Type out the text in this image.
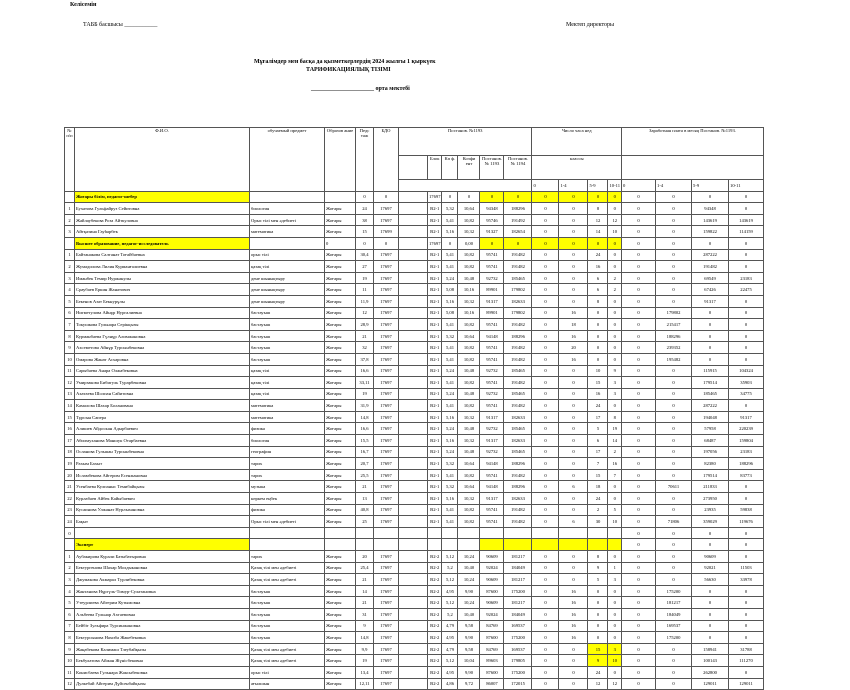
Келісемін
ТАББ басшысы ___________	Мектеп директоры
Мұғалімдер мен басқа да қызметкерлердің 2024 жылғы 1 қыркүек
ТАРИФИКАЦИЯЛЫҚ ТІЗІМІ
_____________________ орта мектебі
№ п\п	Ф.И.О.	обучаемый предмет	Образов ание	Педс таж	БДО	Постанов. №1193						Число часа нед				Заработная плата в месяц Постанов. №1193.			
							Блок	Кп ф.	Коэфи ент	Постанов. № 1193	Постанов. № 1194	классы							
												0	1-4	5-9	10-11	0	1-4	5-9	10-11
	Жоғары білім, педагог-шебер			0	0		17697	0	0	0	0	0	0	0	0	0	0	0	0
1	Бухатова Гульфайруз Сейитовна	биология	Жоғары	24	17697		В2-1	5,32	10,64	94348	188296	0	0	8	0	0	0	94348	0
2	Жайлаубекова Роза Айткуловна	Орыс тілі мен әдебиеті	Жоғары	38	17697		В2-1	5,41	10,82	95746	191492	0	0	12	12	0	0	143619	143619
3	Айтқазина Гауһарбек	математика	Жоғары	15	17699		В2-1	5,16	10,32	91327	182654	0	0	14	10	0	0	159822	114159
	Высшее образование, педагог-исследователь		0	0	0		17697	0	0,00	0	0	0	0	0	0	0	0	0	0
1	Байтанакова Салтанат Тоғайбаевна	орыс тілі	Жоғары	30,4	17697		В2-1	5,41	10,82	95741	191482	0	0	24	0	0	0	287222	0
2	Жумадилова Лилия Курманғалиевна	қазақ тілі	Жоғары	27	17697		В2-1	5,41	10,82	95741	191482	0	0	16	0	0	0	191482	0
3	Иманбек Темир Нуржанулы	дене шынықтыру	Жоғары	19	17697		В2-1	5,24	10,48	92732	185465	0	0	6	2	0	0	69549	23183
4	Сраубаев Еркин Жанатович	дене шынықтыру	Жоғары	11	17697		В2-1	5,08	10,16	89901	179802	0	0	6	2	0	0	67426	22475
5	Бекенов Азат Бекнурұлы	дене шынықтыру	Жоғары	11,9	17697		В2-1	5,16	10,32	91317	182633	0	0	8	0	0	0	91317	0
6	Нигметулова Айнұр Нургалиевна	бастауыш	Жоғары	12	17697		В2-1	5,08	10,16	89901	179802	0	16	0	0	0	179802	0	0
7	Токушкова Гульнара Серікқызы	бастауыш	Жоғары	28,9	17697		В2-1	5,41	10,82	95741	191482	0	18	0	0	0	215417	0	0
8	Курманбаева Гүлнұр Алимжановна	бастауыш	Жоғары	21	17697		В2-1	5,32	10,64	94148	188296	0	16	0	0	0	188296	0	0
9	Ахсеметова Айнұр Турсынбековна	бастауыш	Жоғары	32	17697		В2-1	5,41	10,82	95741	191482	0	20	0	0	0	239352	0	0
10	Омарова Жанат Асхаровна	бастауыш	Жоғары	37,8	17697		В2-1	5,41	10,82	95741	191482	0	16	0	0	0	195482	0	0
11	Сарыбаева Анара Олжабековна	қазақ тілі	Жоғары	16,6	17697		В2-1	5,24	10,48	92732	185465	0	0	10	9	0	0	115915	104324
12	Умирзакова Бибигуль Турарбековна	қазақ тілі	Жоғары	33,11	17697		В2-1	5,41	10,82	95741	191482	0	0	15	3	0	0	179514	35903
13	Ахатаева Шолпан Сайитовна	қазақ тілі	Жоғары	19	17697		В2-1	5,24	10,48	92732	185465	0	0	16	3	0	0	185465	34775
14	Камалова Шахар Боланована	математика	Жоғары	31,9	17697		В2-1	5,41	10,82	95741	191482	0	0	24	0	0	0	287222	0
15	Тұрсын Сапера	математика	Жоғары	14,8	17697		В2-1	5,16	10,32	91317	182633	0	0	17	8	0	0	194048	91317
16	Алишев Айдоскан Адырбаевич	физика	Жоғары	16,6	17697		В2-1	5,24	10,48	92732	185465	0	0	5	19	0	0	57958	220239
17	Абилмуханова Маншук Отарбаевна	биология	Жоғары	15,5	17697		В2-1	5,16	10,32	91317	182633	0	0	6	14	0	0	68487	159804
18	Осланова Гульшан Турсынбековна	география	Жоғары	16,7	17697		В2-1	5,24	10,48	92732	185465	0	0	17	2	0	0	197056	23183
19	Рахым Бахыт	тарих	Жоғары	20,7	17697		В2-1	5,32	10,64	94148	188296	0	0	7	16	0	0	82380	188296
20	Исламбекова Айгерим Есенжановна	тарих	Жоғары	25,5	17697		В2-1	5,41	10,82	95741	191482	0	0	15	7	0	0	179514	83773
21	Усенбаева Кулпаныс Темибайқызы	музыка	Жоғары	21	17697		В2-1	5,32	10,64	94148	188296	0	6	18	0	0	70611	211833	0
22	Курлабаев Айбек Кайыбаевич	көркем еңбек	Жоғары	13	17697		В2-1	5,16	10,32	91317	182633	0	0	24	0	0	0	273950	0
23	Кусаинова Улжанат Нурлыхановна	физика	Жоғары	40,8	17697		В2-1	5,41	10,82	95741	191482	0	0	2	5	0	0	23935	59838
24	Бақыт	Орыс тілі мен әдебиеті	Жоғары	25	17697		В2-1	5,41	10,82	95741	191482	0	6	30	10	0	71806	359029	119676
0																0	0	0	0
	Эксперт															0	0	0	0
1	Аубакирова Курали Батыбатыровна	тарих	Жоғары	20	17697		В2-2	5,12	10,24	90609	181217	0	0	8	0	0	0	90609	0
2	Бектургенова Шахар Молдыкановна	Қазақ тілі мен әдебиеті	Жоғары	25,4	17697		В2-2	5,2	10,40	92024	184049	0	0	9	1	0	0	92021	11503
3	Джумакова Акмарал Турлибековна	Қазақ тілі мен әдебиеті	Жоғары	21	17697		В2-2	5,12	10,24	90609	181217	0	0	5	3	0	0	56630	33978
4	Жантанова Нұргүль-Тимур-Сулатановна	бастауыш	Жоғары	14	17697		В2-2	4,95	9,90	87600	175200	0	16	0	0	0	175200	0	0
5	Утеурлиева Айгерим Кутымовна	бастауыш	Жоғары	21	17697		В2-2	5,12	10,24	90609	181217	0	16	0	0	0	181217	0	0
6	Альбеева Гульнар Ахтаевовна	бастауыш	Жоғары	31	17697		В2-2	5,2	10,40	92024	184049	0	16	0	0	0	184049	0	0
7	Бейбіт Зульфира Турсинжановна	бастауыш	Жоғары	9	17697		В2-2	4,79	9,58	84769	169537	0	16	0	0	0	169537	0	0
8	Бектурсынова Нахиба Жакебековна	бастауыш	Жоғары	14,8	17697		В2-2	4,95	9,90	87600	175200	0	16	0	0	0	175200	0	0
9	Жаңабекова Калимаш Тлеубайқызы	Қазақ тілі мен әдебиеті	Жоғары	9,9	17697		В2-2	4,79	9,58	84769	169537	0	0	15	3	0	0	158941	31788
10	Бекбулатова Айжан Жүнісбековна	Қазақ тілі мен әдебиеті	Жоғары	19	17697		В2-2	5,12	10,04	89603	179805	0	0	9	10	0	0	100143	111270
11	Конисбаева Гульнара Жаксыбековна	орыс тілі	Жоғары	13,4	17697		В2-2	4,95	9,90	87600	175200	0	0	24	0	0	0	262800	0
12	Дулкебай Айгерим Дүйсенбайқызы	ағылшын	Жоғары	12,11	17697		В2-2	4,86	9,72	86007	172015	0	0	12	12	0	0	129011	129011
